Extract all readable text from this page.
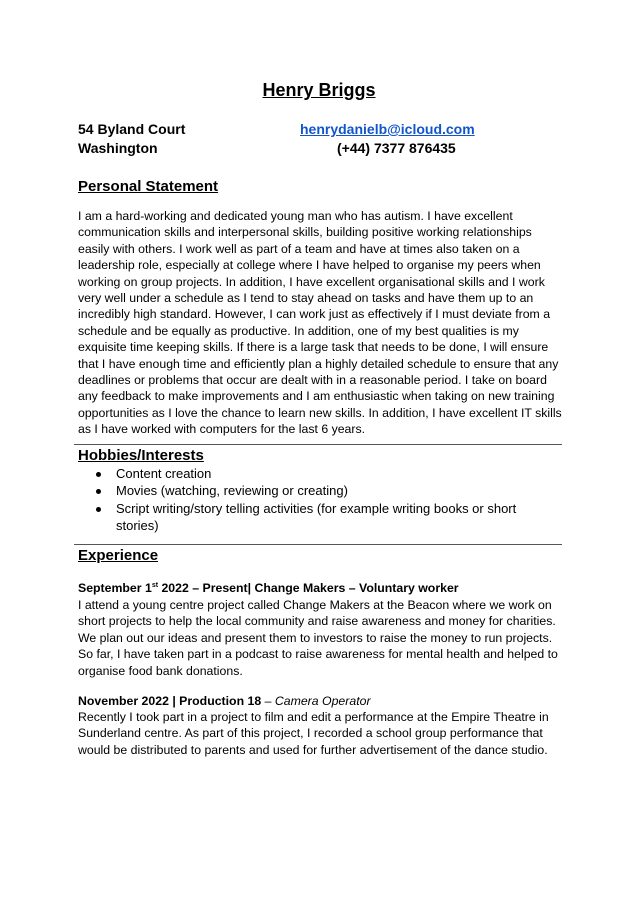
Henry Briggs
54 Byland Court	henrydanielb@icloud.com
Washington	(+44) 7377 876435
Personal Statement

I am a hard-working and dedicated young man who has autism. I have excellent communication skills and interpersonal skills, building positive working relationships easily with others. I work well as part of a team and have at times also taken on a leadership role, especially at college where I have helped to organise my peers when working on group projects. In addition, I have excellent organisational skills and I work very well under a schedule as I tend to stay ahead on tasks and have them up to an incredibly high standard. However, I can work just as effectively if I must deviate from a schedule and be equally as productive. In addition, one of my best qualities is my exquisite time keeping skills. If there is a large task that needs to be done, I will ensure that I have enough time and efficiently plan a highly detailed schedule to ensure that any deadlines or problems that occur are dealt with in a reasonable period. I take on board any feedback to make improvements and I am enthusiastic when taking on new training opportunities as I love the chance to learn new skills. In addition, I have excellent IT skills as I have worked with computers for the last 6 years.

Hobbies/Interests
Content creation
Movies (watching, reviewing or creating)
Script writing/story telling activities (for example writing books or short stories)
Experience
September 1st 2022 – Present| Change Makers – Voluntary worker

I attend a young centre project called Change Makers at the Beacon where we work on short projects to help the local community and raise awareness and money for charities. We plan out our ideas and present them to investors to raise the money to run projects. So far, I have taken part in a podcast to raise awareness for mental health and helped to organise food bank donations.

November 2022 | Production 18 – Camera Operator

Recently I took part in a project to film and edit a performance at the Empire Theatre in Sunderland centre. As part of this project, I recorded a school group performance that would be distributed to parents and used for further advertisement of the dance studio.
